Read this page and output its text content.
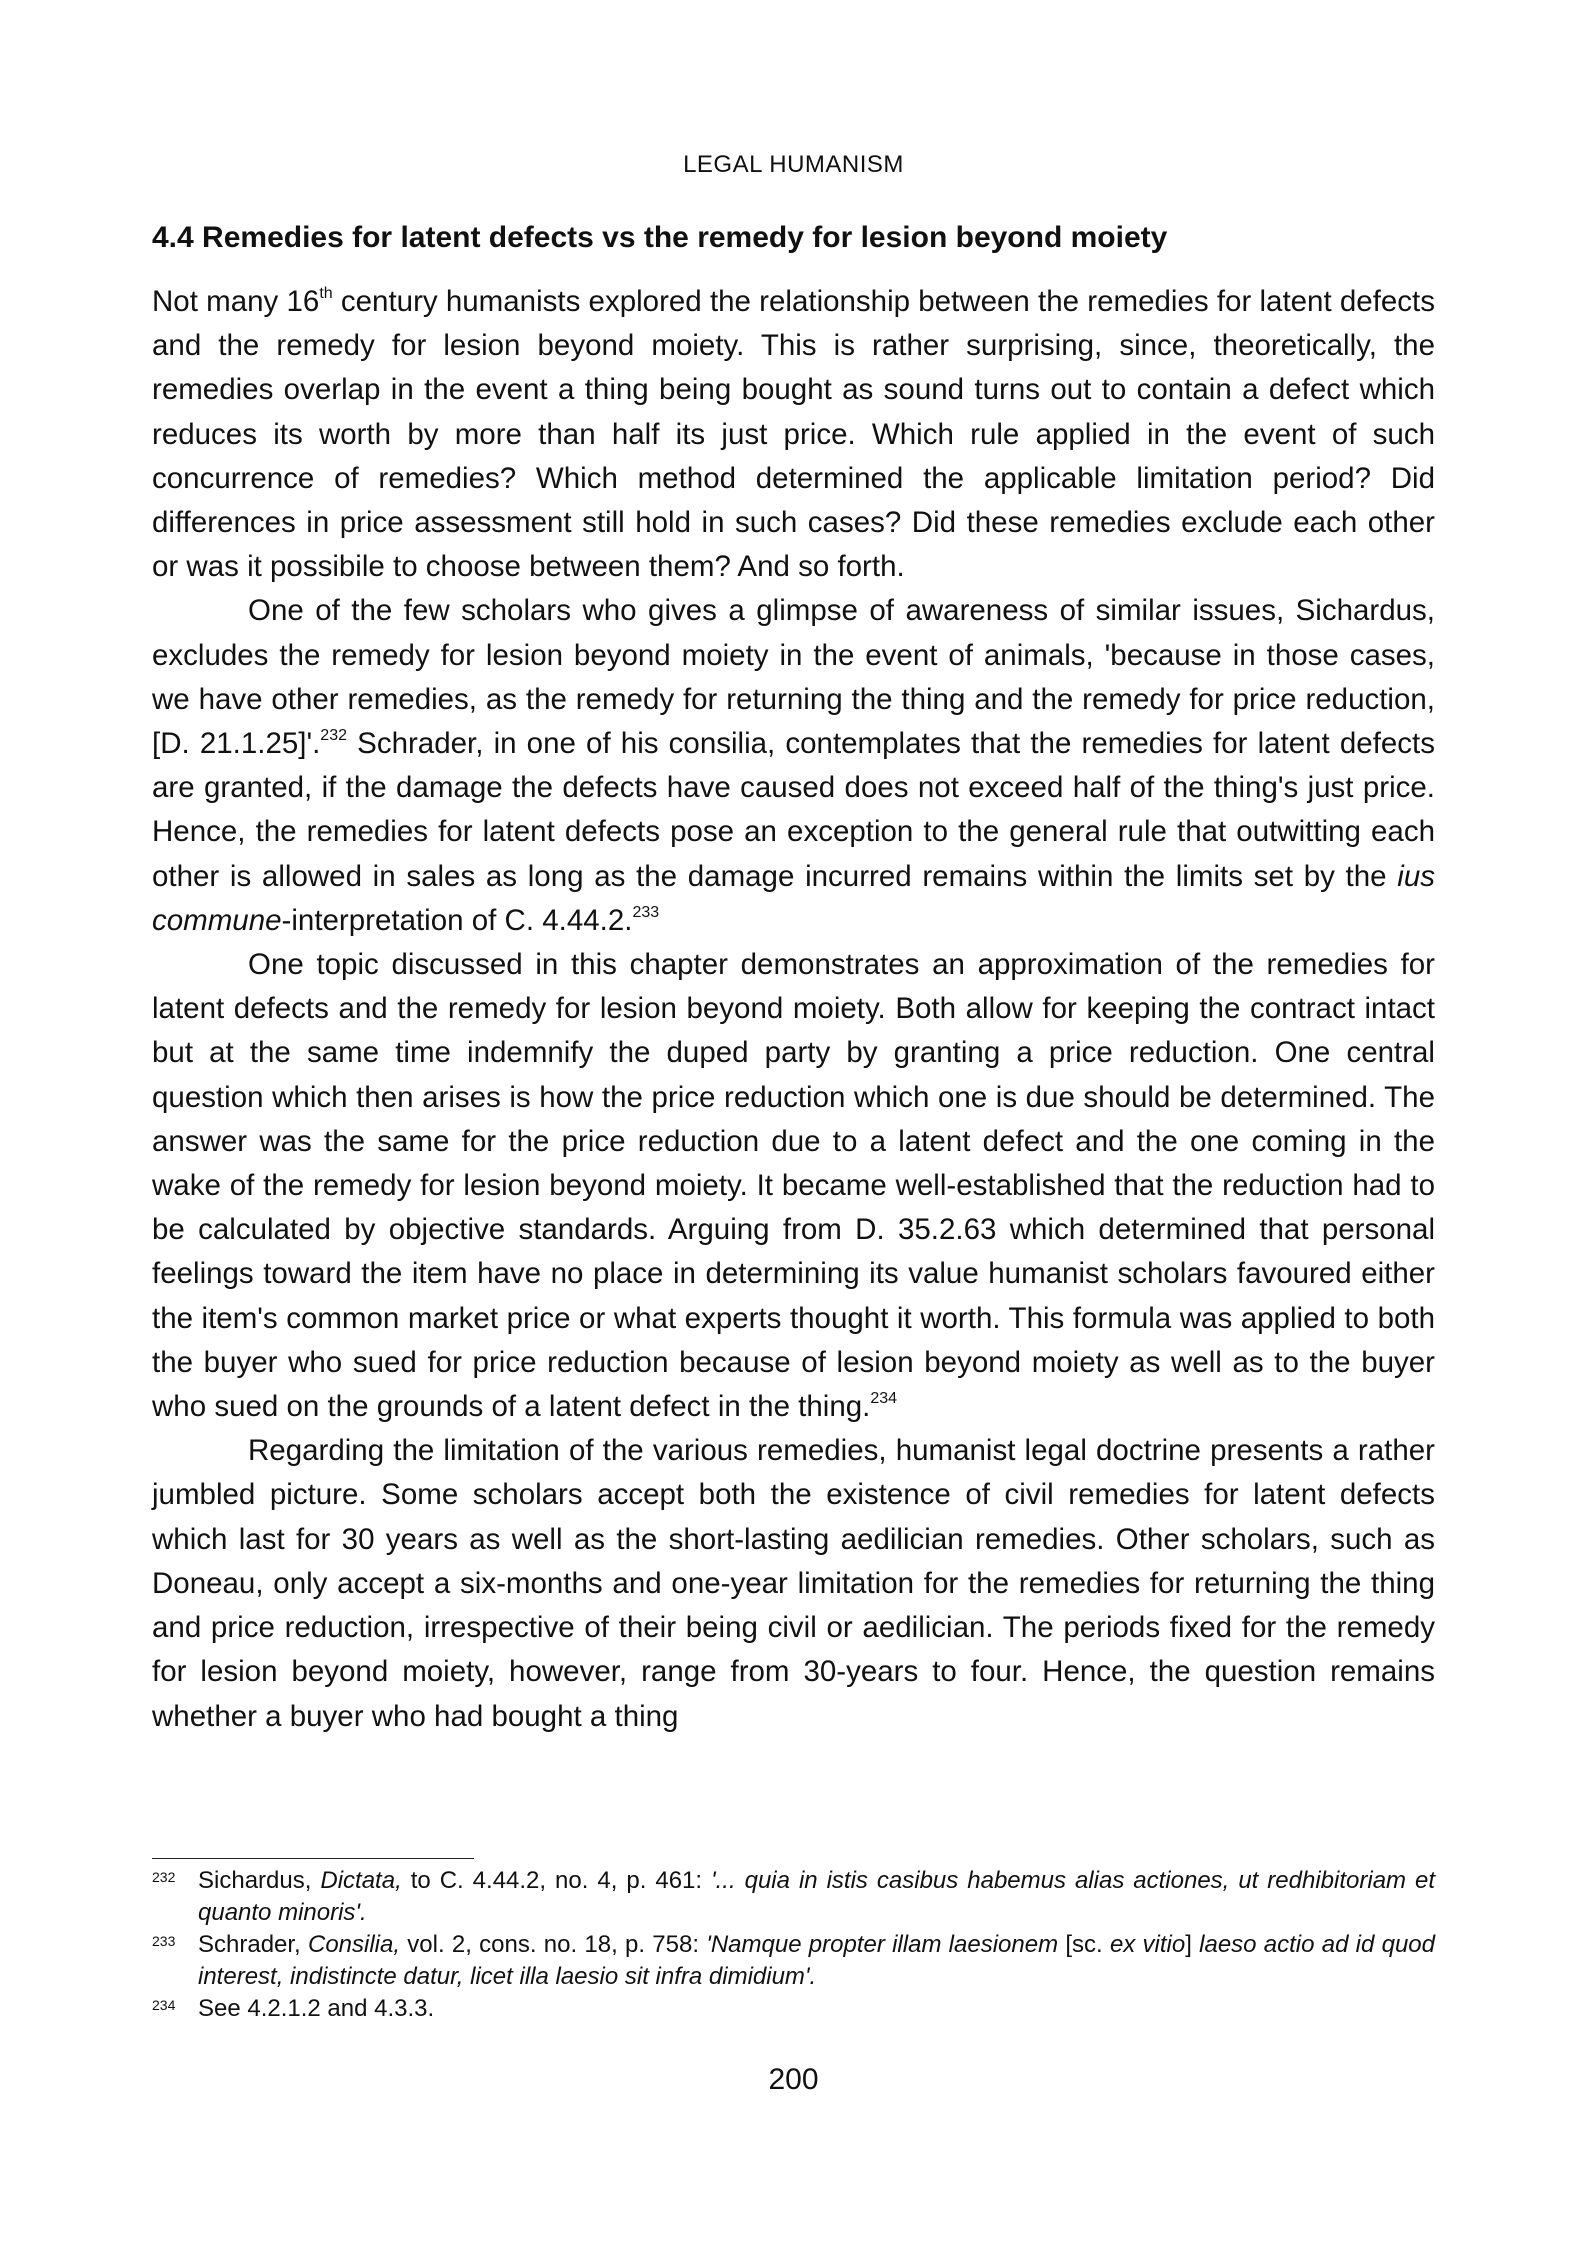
LEGAL HUMANISM
4.4 Remedies for latent defects vs the remedy for lesion beyond moiety

Not many 16th century humanists explored the relationship between the remedies for latent defects and the remedy for lesion beyond moiety. This is rather surprising, since, theoretically, the remedies overlap in the event a thing being bought as sound turns out to contain a defect which reduces its worth by more than half its just price. Which rule applied in the event of such concurrence of remedies? Which method determined the applicable limitation period? Did differences in price assessment still hold in such cases? Did these remedies exclude each other or was it possibile to choose between them? And so forth.

One of the few scholars who gives a glimpse of awareness of similar issues, Sichardus, excludes the remedy for lesion beyond moiety in the event of animals, 'because in those cases, we have other remedies, as the remedy for returning the thing and the remedy for price reduction, [D. 21.1.25]'.$^{232}$ Schrader, in one of his consilia, contemplates that the remedies for latent defects are granted, if the damage the defects have caused does not exceed half of the thing's just price. Hence, the remedies for latent defects pose an exception to the general rule that outwitting each other is allowed in sales as long as the damage incurred remains within the limits set by the ius commune-interpretation of C. 4.44.2.$^{233}$

One topic discussed in this chapter demonstrates an approximation of the remedies for latent defects and the remedy for lesion beyond moiety. Both allow for keeping the contract intact but at the same time indemnify the duped party by granting a price reduction. One central question which then arises is how the price reduction which one is due should be determined. The answer was the same for the price reduction due to a latent defect and the one coming in the wake of the remedy for lesion beyond moiety. It became well-established that the reduction had to be calculated by objective standards. Arguing from D. 35.2.63 which determined that personal feelings toward the item have no place in determining its value humanist scholars favoured either the item's common market price or what experts thought it worth. This formula was applied to both the buyer who sued for price reduction because of lesion beyond moiety as well as to the buyer who sued on the grounds of a latent defect in the thing.$^{234}$

Regarding the limitation of the various remedies, humanist legal doctrine presents a rather jumbled picture. Some scholars accept both the existence of civil remedies for latent defects which last for 30 years as well as the short-lasting aedilician remedies. Other scholars, such as Doneau, only accept a six-months and one-year limitation for the remedies for returning the thing and price reduction, irrespective of their being civil or aedilician. The periods fixed for the remedy for lesion beyond moiety, however, range from 30-years to four. Hence, the question remains whether a buyer who had bought a thing

232 Sichardus, Dictata, to C. 4.44.2, no. 4, p. 461: '... quia in istis casibus habemus alias actiones, ut redhibitoriam et quanto minoris'.

233 Schrader, Consilia, vol. 2, cons. no. 18, p. 758: 'Namque propter illam laesionem [sc. ex vitio] laeso actio ad id quod interest, indistincte datur, licet illa laesio sit infra dimidium'.

234 See 4.2.1.2 and 4.3.3.

200
